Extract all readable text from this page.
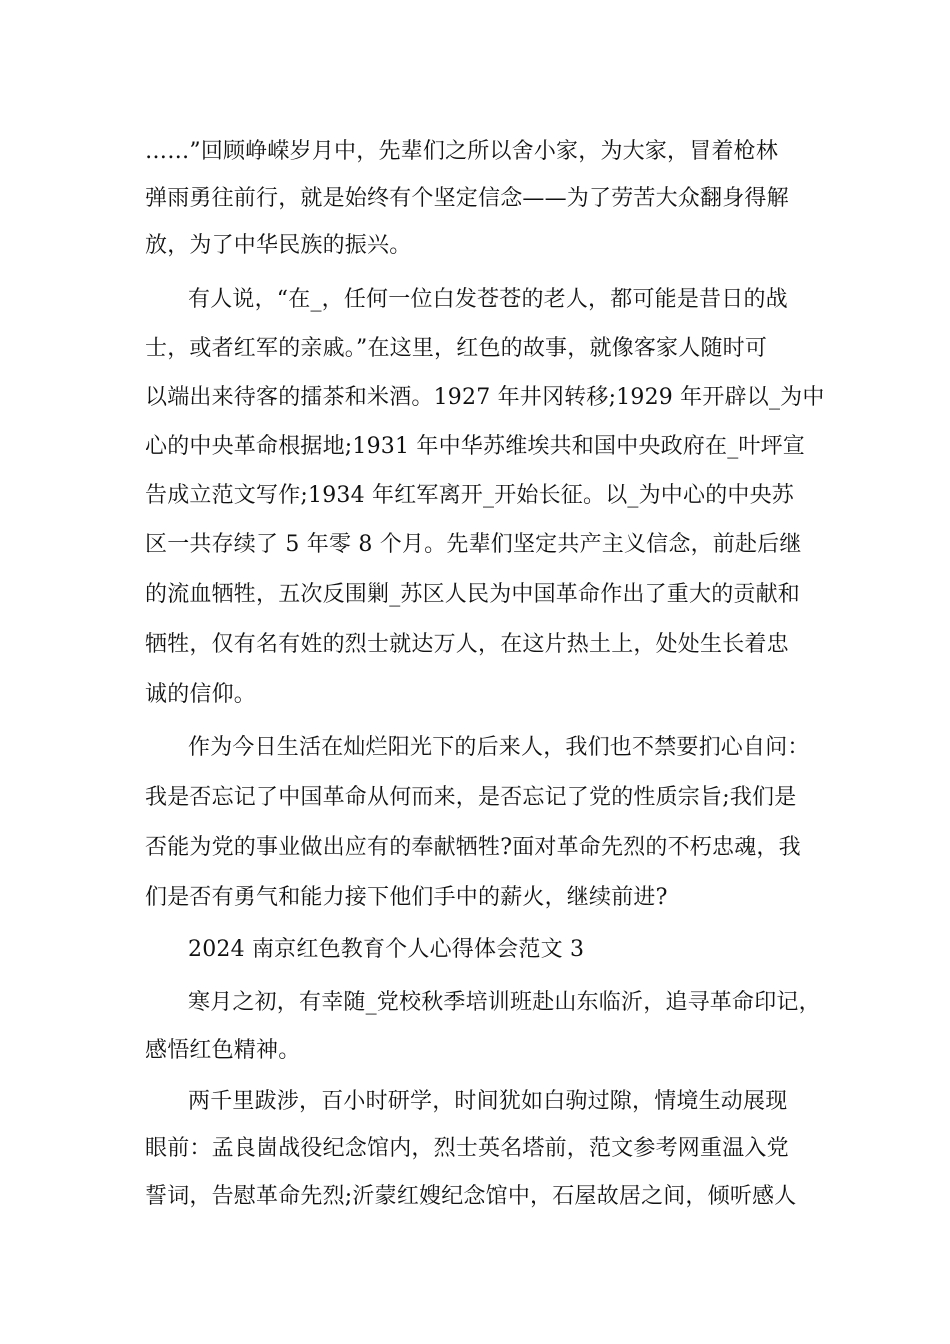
……”回顾峥嵘岁月中，先辈们之所以舍小家，为大家，冒着枪林
弹雨勇往前行，就是始终有个坚定信念——为了劳苦大众翻身得解
放，为了中华民族的振兴。
有人说，“在_，任何一位白发苍苍的老人，都可能是昔日的战
士，或者红军的亲戚。”在这里，红色的故事，就像客家人随时可
以端出来待客的擂茶和米酒。1927 年井冈转移;1929 年开辟以_为中
心的中央革命根据地;1931 年中华苏维埃共和国中央政府在_叶坪宣
告成立范文写作;1934 年红军离开_开始长征。以_为中心的中央苏
区一共存续了 5 年零 8 个月。先辈们坚定共产主义信念，前赴后继
的流血牺牲，五次反围剿_苏区人民为中国革命作出了重大的贡献和
牺牲，仅有名有姓的烈士就达万人，在这片热土上，处处生长着忠
诚的信仰。
作为今日生活在灿烂阳光下的后来人，我们也不禁要扪心自问：
我是否忘记了中国革命从何而来，是否忘记了党的性质宗旨;我们是
否能为党的事业做出应有的奉献牺牲?面对革命先烈的不朽忠魂，我
们是否有勇气和能力接下他们手中的薪火，继续前进?
2024 南京红色教育个人心得体会范文 3
寒月之初，有幸随_党校秋季培训班赴山东临沂，追寻革命印记，
感悟红色精神。
两千里跋涉，百小时研学，时间犹如白驹过隙，情境生动展现
眼前：孟良崮战役纪念馆内，烈士英名塔前，范文参考网重温入党
誓词，告慰革命先烈;沂蒙红嫂纪念馆中，石屋故居之间，倾听感人
